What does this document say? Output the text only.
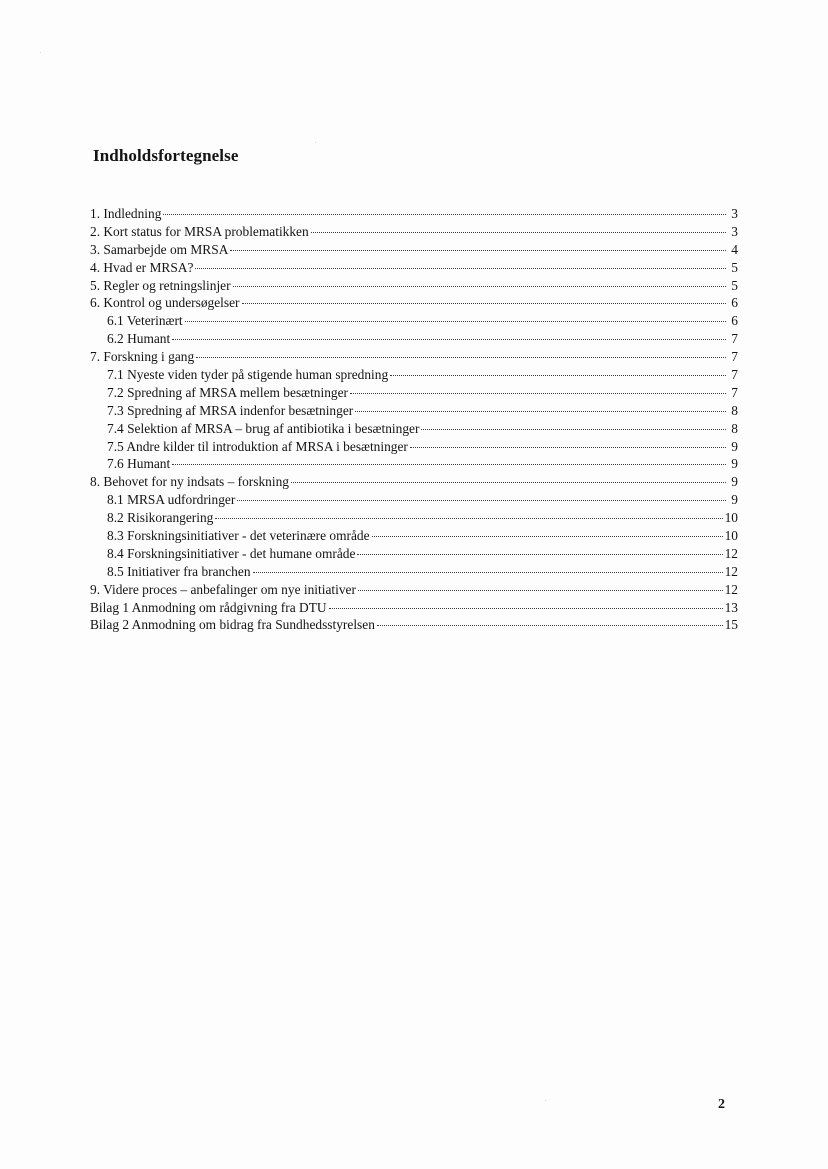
Indholdsfortegnelse
1. Indledning	3
2. Kort status for MRSA problematikken	3
3. Samarbejde om MRSA	4
4. Hvad er MRSA?	5
5. Regler og retningslinjer	5
6. Kontrol og undersøgelser	6
6.1 Veterinært	6
6.2 Humant	7
7. Forskning i gang	7
7.1 Nyeste viden tyder på stigende human spredning	7
7.2 Spredning af MRSA mellem besætninger	7
7.3 Spredning af MRSA indenfor besætninger	8
7.4 Selektion af MRSA – brug af antibiotika i besætninger	8
7.5 Andre kilder til introduktion af MRSA i besætninger	9
7.6 Humant	9
8. Behovet for ny indsats – forskning	9
8.1 MRSA udfordringer	9
8.2 Risikorangering	10
8.3 Forskningsinitiativer - det veterinære område	10
8.4 Forskningsinitiativer - det humane område	12
8.5 Initiativer fra branchen	12
9. Videre proces – anbefalinger om nye initiativer	12
Bilag 1 Anmodning om rådgivning fra DTU	13
Bilag 2 Anmodning om bidrag fra Sundhedsstyrelsen	15
2
